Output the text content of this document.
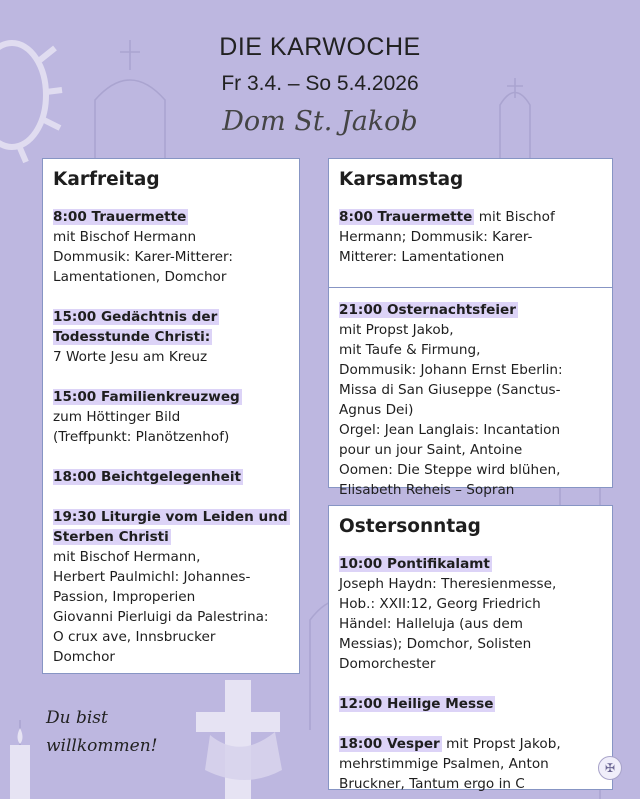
DIE KARWOCHE
Fr 3.4. – So 5.4.2026
Dom St. Jakob
Karfreitag
8:00 Trauermette
mit Bischof Hermann
Dommusik: Karer-Mitterer:
Lamentationen, Domchor
15:00 Gedächtnis der
Todesstunde Christi:
7 Worte Jesu am Kreuz
15:00 Familienkreuzweg
zum Höttinger Bild
(Treffpunkt: Planötzenhof)
18:00 Beichtgelegenheit
19:30 Liturgie vom Leiden und
Sterben Christi
mit Bischof Hermann,
Herbert Paulmichl: Johannes-
Passion, Improperien
Giovanni Pierluigi da Palestrina:
O crux ave, Innsbrucker
Domchor
Karsamstag
8:00 Trauermette mit Bischof
Hermann; Dommusik: Karer-
Mitterer: Lamentationen
21:00 Osternachtsfeier
mit Propst Jakob,
mit Taufe & Firmung,
Dommusik: Johann Ernst Eberlin:
Missa di San Giuseppe (Sanctus-
Agnus Dei)
Orgel: Jean Langlais: Incantation
pour un jour Saint, Antoine
Oomen: Die Steppe wird blühen,
Elisabeth Reheis – Sopran
Ostersonntag
10:00 Pontifikalamt
Joseph Haydn: Theresienmesse,
Hob.: XXII:12, Georg Friedrich
Händel: Halleluja (aus dem
Messias); Domchor, Solisten
Domorchester
12:00 Heilige Messe
18:00 Vesper mit Propst Jakob,
mehrstimmige Psalmen, Anton
Bruckner, Tantum ergo in C
Du bist
willkommen!
✠
